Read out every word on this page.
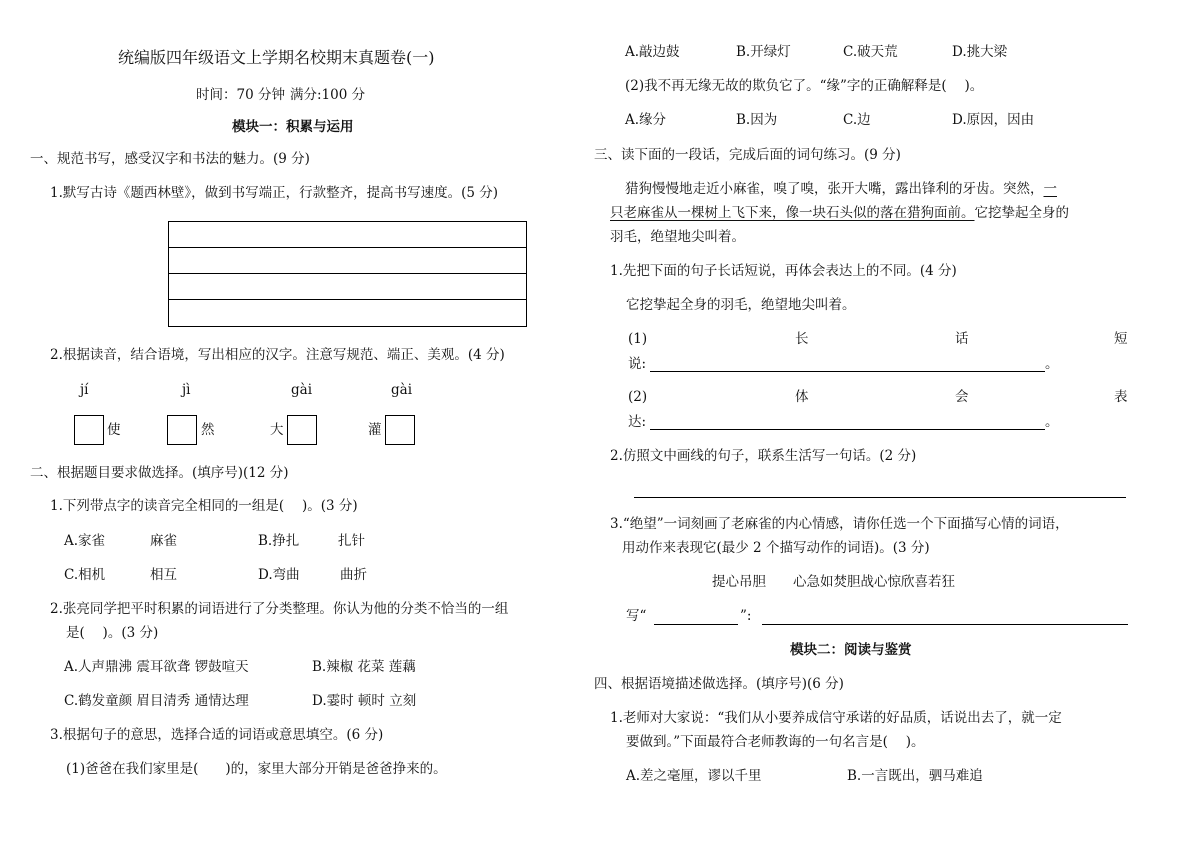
统编版四年级语文上学期名校期末真题卷(一)
时间：70 分钟 满分:100 分
模块一：积累与运用
一、规范书写，感受汉字和书法的魅力。(9 分)
1.默写古诗《题西林壁》，做到书写端正，行款整齐，提高书写速度。(5 分)
2.根据读音，结合语境，写出相应的汉字。注意写规范、端正、美观。(4 分)
jí	jì	gài	gài
使	然	大	灌
二、根据题目要求做选择。(填序号)(12 分)
1.下列带点字的读音完全相同的一组是(　 )。(3 分)
A.家雀	麻雀	B.挣扎	扎针
C.相机	相互	D.弯曲	曲折
2.张亮同学把平时积累的词语进行了分类整理。你认为他的分类不恰当的一组
是(　 )。(3 分)
A.人声鼎沸 震耳欲聋 锣鼓喧天	B.辣椒 花菜 莲藕
C.鹤发童颜 眉目清秀 通情达理	D.霎时 顿时 立刻
3.根据句子的意思，选择合适的词语或意思填空。(6 分)
(1)爸爸在我们家里是(　　)的，家里大部分开销是爸爸挣来的。
A.敲边鼓	B.开绿灯	C.破天荒	D.挑大梁
(2)我不再无缘无故的欺负它了。“缘”字的正确解释是(　 )。
A.缘分	B.因为	C.边	D.原因，因由
三、读下面的一段话，完成后面的词句练习。(9 分)
猎狗慢慢地走近小麻雀，嗅了嗅，张开大嘴，露出锋利的牙齿。突然，一
只老麻雀从一棵树上飞下来，像一块石头似的落在猎狗面前。它挖挚起全身的
羽毛，绝望地尖叫着。
1.先把下面的句子长话短说，再体会表达上的不同。(4 分)
它挖挚起全身的羽毛，绝望地尖叫着。
(1)	长	话	短
说:	。
(2)	体	会	表
达:	。
2.仿照文中画线的句子，联系生活写一句话。(2 分)
3.“绝望”一词刻画了老麻雀的内心情感，请你任选一个下面描写心情的词语，
用动作来表现它(最少 2 个描写动作的词语)。(3 分)
提心吊胆　　心急如焚胆战心惊欣喜若狂
写“	”:
模块二：阅读与鉴赏
四、根据语境描述做选择。(填序号)(6 分)
1.老师对大家说：“我们从小要养成信守承诺的好品质，话说出去了，就一定
要做到。”下面最符合老师教诲的一句名言是(　 )。
A.差之毫厘，谬以千里	B.一言既出，驷马难追
